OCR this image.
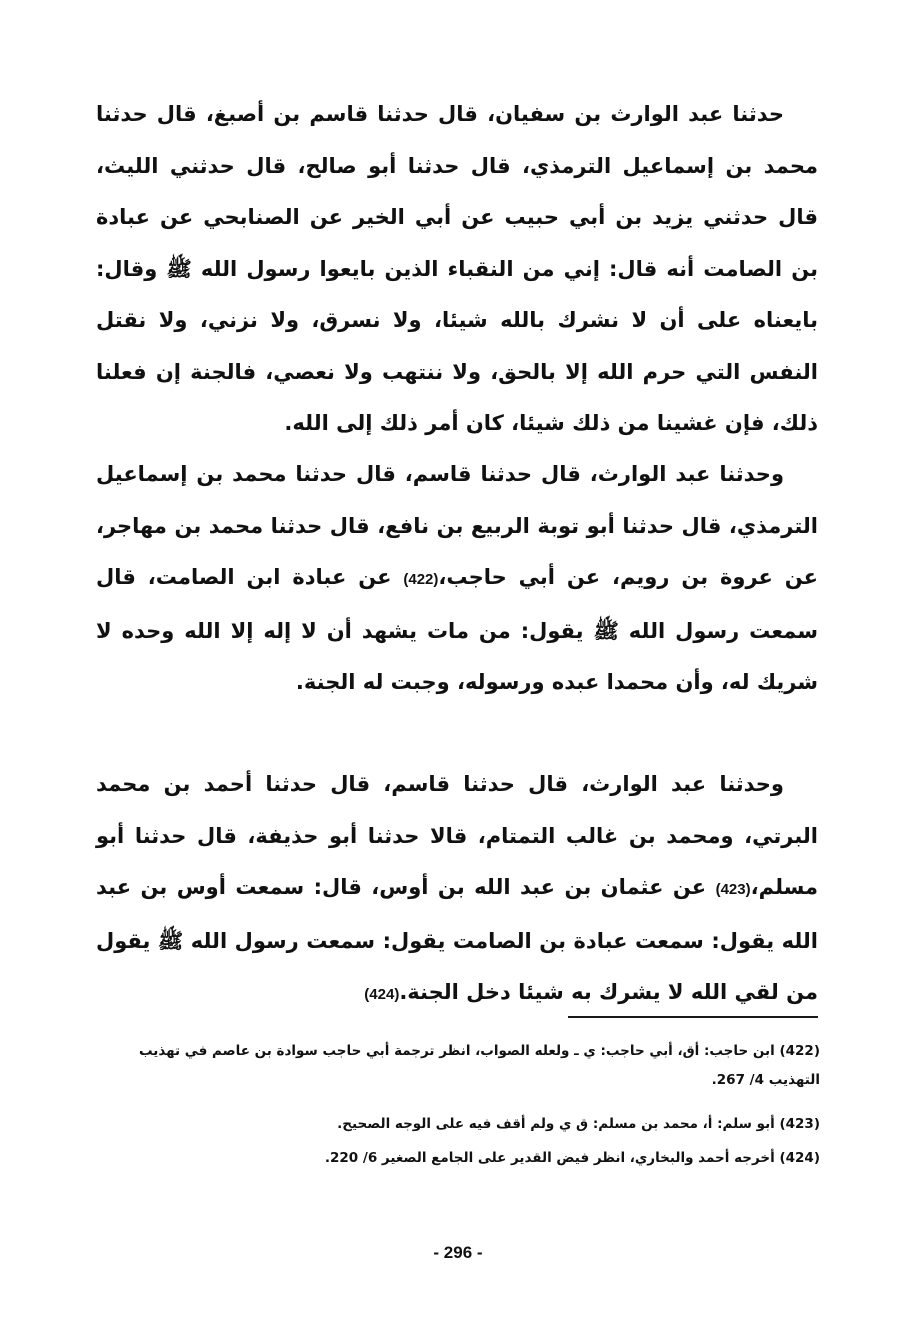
حدثنا عبد الوارث بن سفيان، قال حدثنا قاسم بن أصبغ، قال حدثنا محمد بن إسماعيل الترمذي، قال حدثنا أبو صالح، قال حدثني الليث، قال حدثني يزيد بن أبي حبيب عن أبي الخير عن الصنابحي عن عبادة بن الصامت أنه قال: إني من النقباء الذين بايعوا رسول الله ﷺ وقال: بايعناه على أن لا نشرك بالله شيئا، ولا نسرق، ولا نزني، ولا نقتل النفس التي حرم الله إلا بالحق، ولا ننتهب ولا نعصي، فالجنة إن فعلنا ذلك، فإن غشينا من ذلك شيئا، كان أمر ذلك إلى الله.

وحدثنا عبد الوارث، قال حدثنا قاسم، قال حدثنا محمد بن إسماعيل الترمذي، قال حدثنا أبو توبة الربيع بن نافع، قال حدثنا محمد بن مهاجر، عن عروة بن رويم، عن أبي حاجب،(422) عن عبادة ابن الصامت، قال سمعت رسول الله ﷺ يقول: من مات يشهد أن لا إله إلا الله وحده لا شريك له، وأن محمدا عبده ورسوله، وجبت له الجنة.

وحدثنا عبد الوارث، قال حدثنا قاسم، قال حدثنا أحمد بن محمد البرتي، ومحمد بن غالب التمتام، قالا حدثنا أبو حذيفة، قال حدثنا أبو مسلم،(423) عن عثمان بن عبد الله بن أوس، قال: سمعت أوس بن عبد الله يقول: سمعت عبادة بن الصامت يقول: سمعت رسول الله ﷺ يقول من لقي الله لا يشرك به شيئا دخل الجنة.(424)

(422) ابن حاجب: أق، أبي حاجب: ي ـ ولعله الصواب، انظر ترجمة أبي حاجب سوادة بن عاصم في تهذيب التهذيب 4/ 267.
(423) أبو سلم: أ، محمد بن مسلم: ق ي ولم أقف فيه على الوجه الصحيح.
(424) أخرجه أحمد والبخاري، انظر فيض القدير على الجامع الصغير 6/ 220.
- 296 -
